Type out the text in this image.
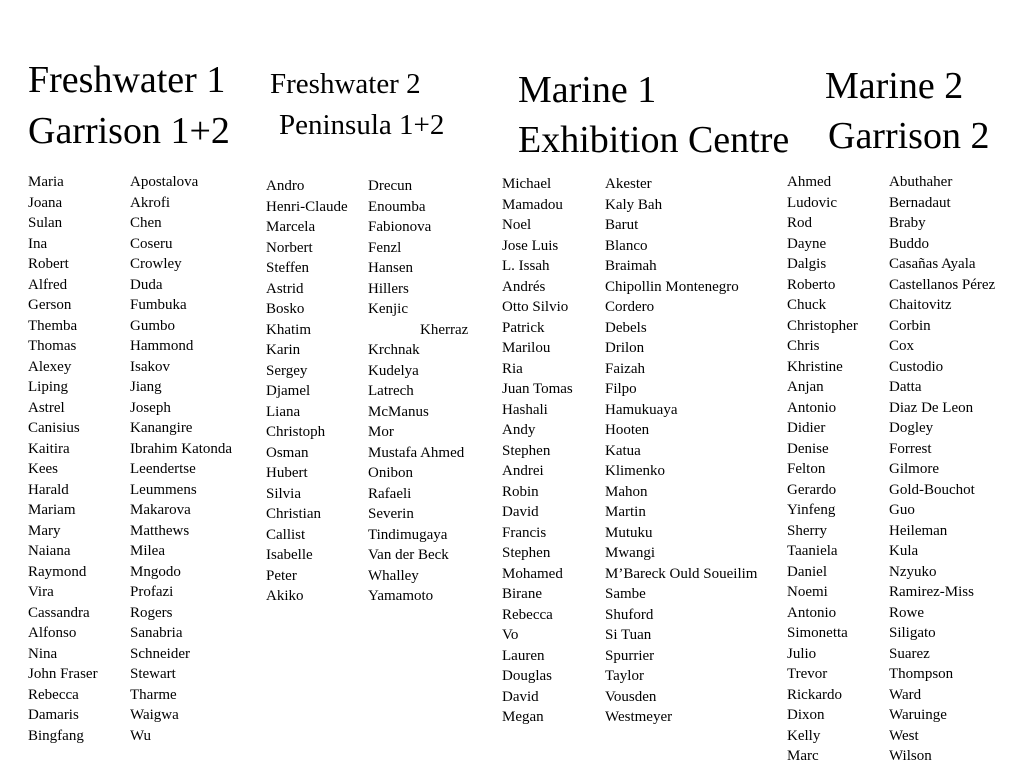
Freshwater 1
Garrison 1+2
Maria
Joana
Sulan
Ina
Robert
Alfred
Gerson
Themba
Thomas
Alexey
Liping
Astrel
Canisius
Kaitira
Kees
Harald
Mariam
Mary
Naiana
Raymond
Vira
Cassandra
Alfonso
Nina
John Fraser
Rebecca
Damaris
Bingfang
Apostalova
Akrofi
Chen
Coseru
Crowley
Duda
Fumbuka
Gumbo
Hammond
Isakov
Jiang
Joseph
Kanangire
Ibrahim Katonda
Leendertse
Leummens
Makarova
Matthews
Milea
Mngodo
Profazi
Rogers
Sanabria
Schneider
Stewart
Tharme
Waigwa
Wu
Freshwater 2
Peninsula 1+2
Andro
Henri-Claude
Marcela
Norbert
Steffen
Astrid
Bosko
Khatim
Karin
Sergey
Djamel
Liana
Christoph
Osman
Hubert
Silvia
Christian
Callist
Isabelle
Peter
Akiko
Drecun
Enoumba
Fabionova
Fenzl
Hansen
Hillers
Kenjic
Kherraz
Krchnak
Kudelya
Latrech
McManus
Mor
Mustafa Ahmed
Onibon
Rafaeli
Severin
Tindimugaya
Van der Beck
Whalley
Yamamoto
Marine 1
Exhibition Centre
Michael
Mamadou
Noel
Jose Luis
L. Issah
Andrés
Otto Silvio
Patrick
Marilou
Ria
Juan Tomas
Hashali
Andy
Stephen
Andrei
Robin
David
Francis
Stephen
Mohamed
Birane
Rebecca
Vo
Lauren
Douglas
David
Megan
Akester
Kaly Bah
Barut
Blanco
Braimah
Chipollin Montenegro
Cordero
Debels
Drilon
Faizah
Filpo
Hamukuaya
Hooten
Katua
Klimenko
Mahon
Martin
Mutuku
Mwangi
M’Bareck Ould Soueilim
Sambe
Shuford
Si Tuan
Spurrier
Taylor
Vousden
Westmeyer
Marine 2
Garrison 2
Ahmed
Ludovic
Rod
Dayne
Dalgis
Roberto
Chuck
Christopher
Chris
Khristine
Anjan
Antonio
Didier
Denise
Felton
Gerardo
Yinfeng
Sherry
Taaniela
Daniel
Noemi
Antonio
Simonetta
Julio
Trevor
Rickardo
Dixon
Kelly
Marc
Abuthaher
Bernadaut
Braby
Buddo
Casañas Ayala
Castellanos Pérez
Chaitovitz
Corbin
Cox
Custodio
Datta
Diaz De Leon
Dogley
Forrest
Gilmore
Gold-Bouchot
Guo
Heileman
Kula
Nzyuko
Ramirez-Miss
Rowe
Siligato
Suarez
Thompson
Ward
Waruinge
West
Wilson
